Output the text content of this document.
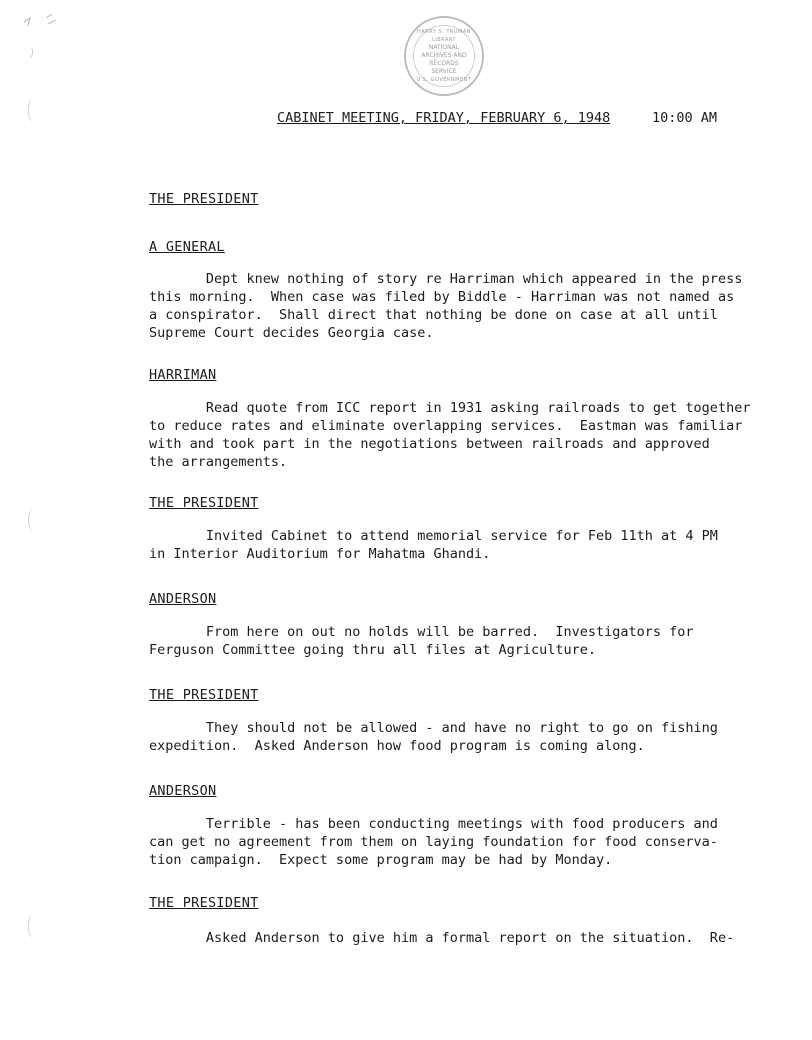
HARRY S. TRUMAN LIBRARY
NATIONAL
ARCHIVES AND
RECORDS
SERVICE
U.S. GOVERNMENT
CABINET MEETING, FRIDAY, FEBRUARY 6, 1948	10:00 AM
THE PRESIDENT
A GENERAL
Dept knew nothing of story re Harriman which appeared in the press
this morning.  When case was filed by Biddle - Harriman was not named as
a conspirator.  Shall direct that nothing be done on case at all until
Supreme Court decides Georgia case.
HARRIMAN
Read quote from ICC report in 1931 asking railroads to get together
to reduce rates and eliminate overlapping services.  Eastman was familiar
with and took part in the negotiations between railroads and approved
the arrangements.
THE PRESIDENT
Invited Cabinet to attend memorial service for Feb 11th at 4 PM
in Interior Auditorium for Mahatma Ghandi.
ANDERSON
From here on out no holds will be barred.  Investigators for
Ferguson Committee going thru all files at Agriculture.
THE PRESIDENT
They should not be allowed - and have no right to go on fishing
expedition.  Asked Anderson how food program is coming along.
ANDERSON
Terrible - has been conducting meetings with food producers and
can get no agreement from them on laying foundation for food conserva-
tion campaign.  Expect some program may be had by Monday.
THE PRESIDENT
Asked Anderson to give him a formal report on the situation.  Re-
